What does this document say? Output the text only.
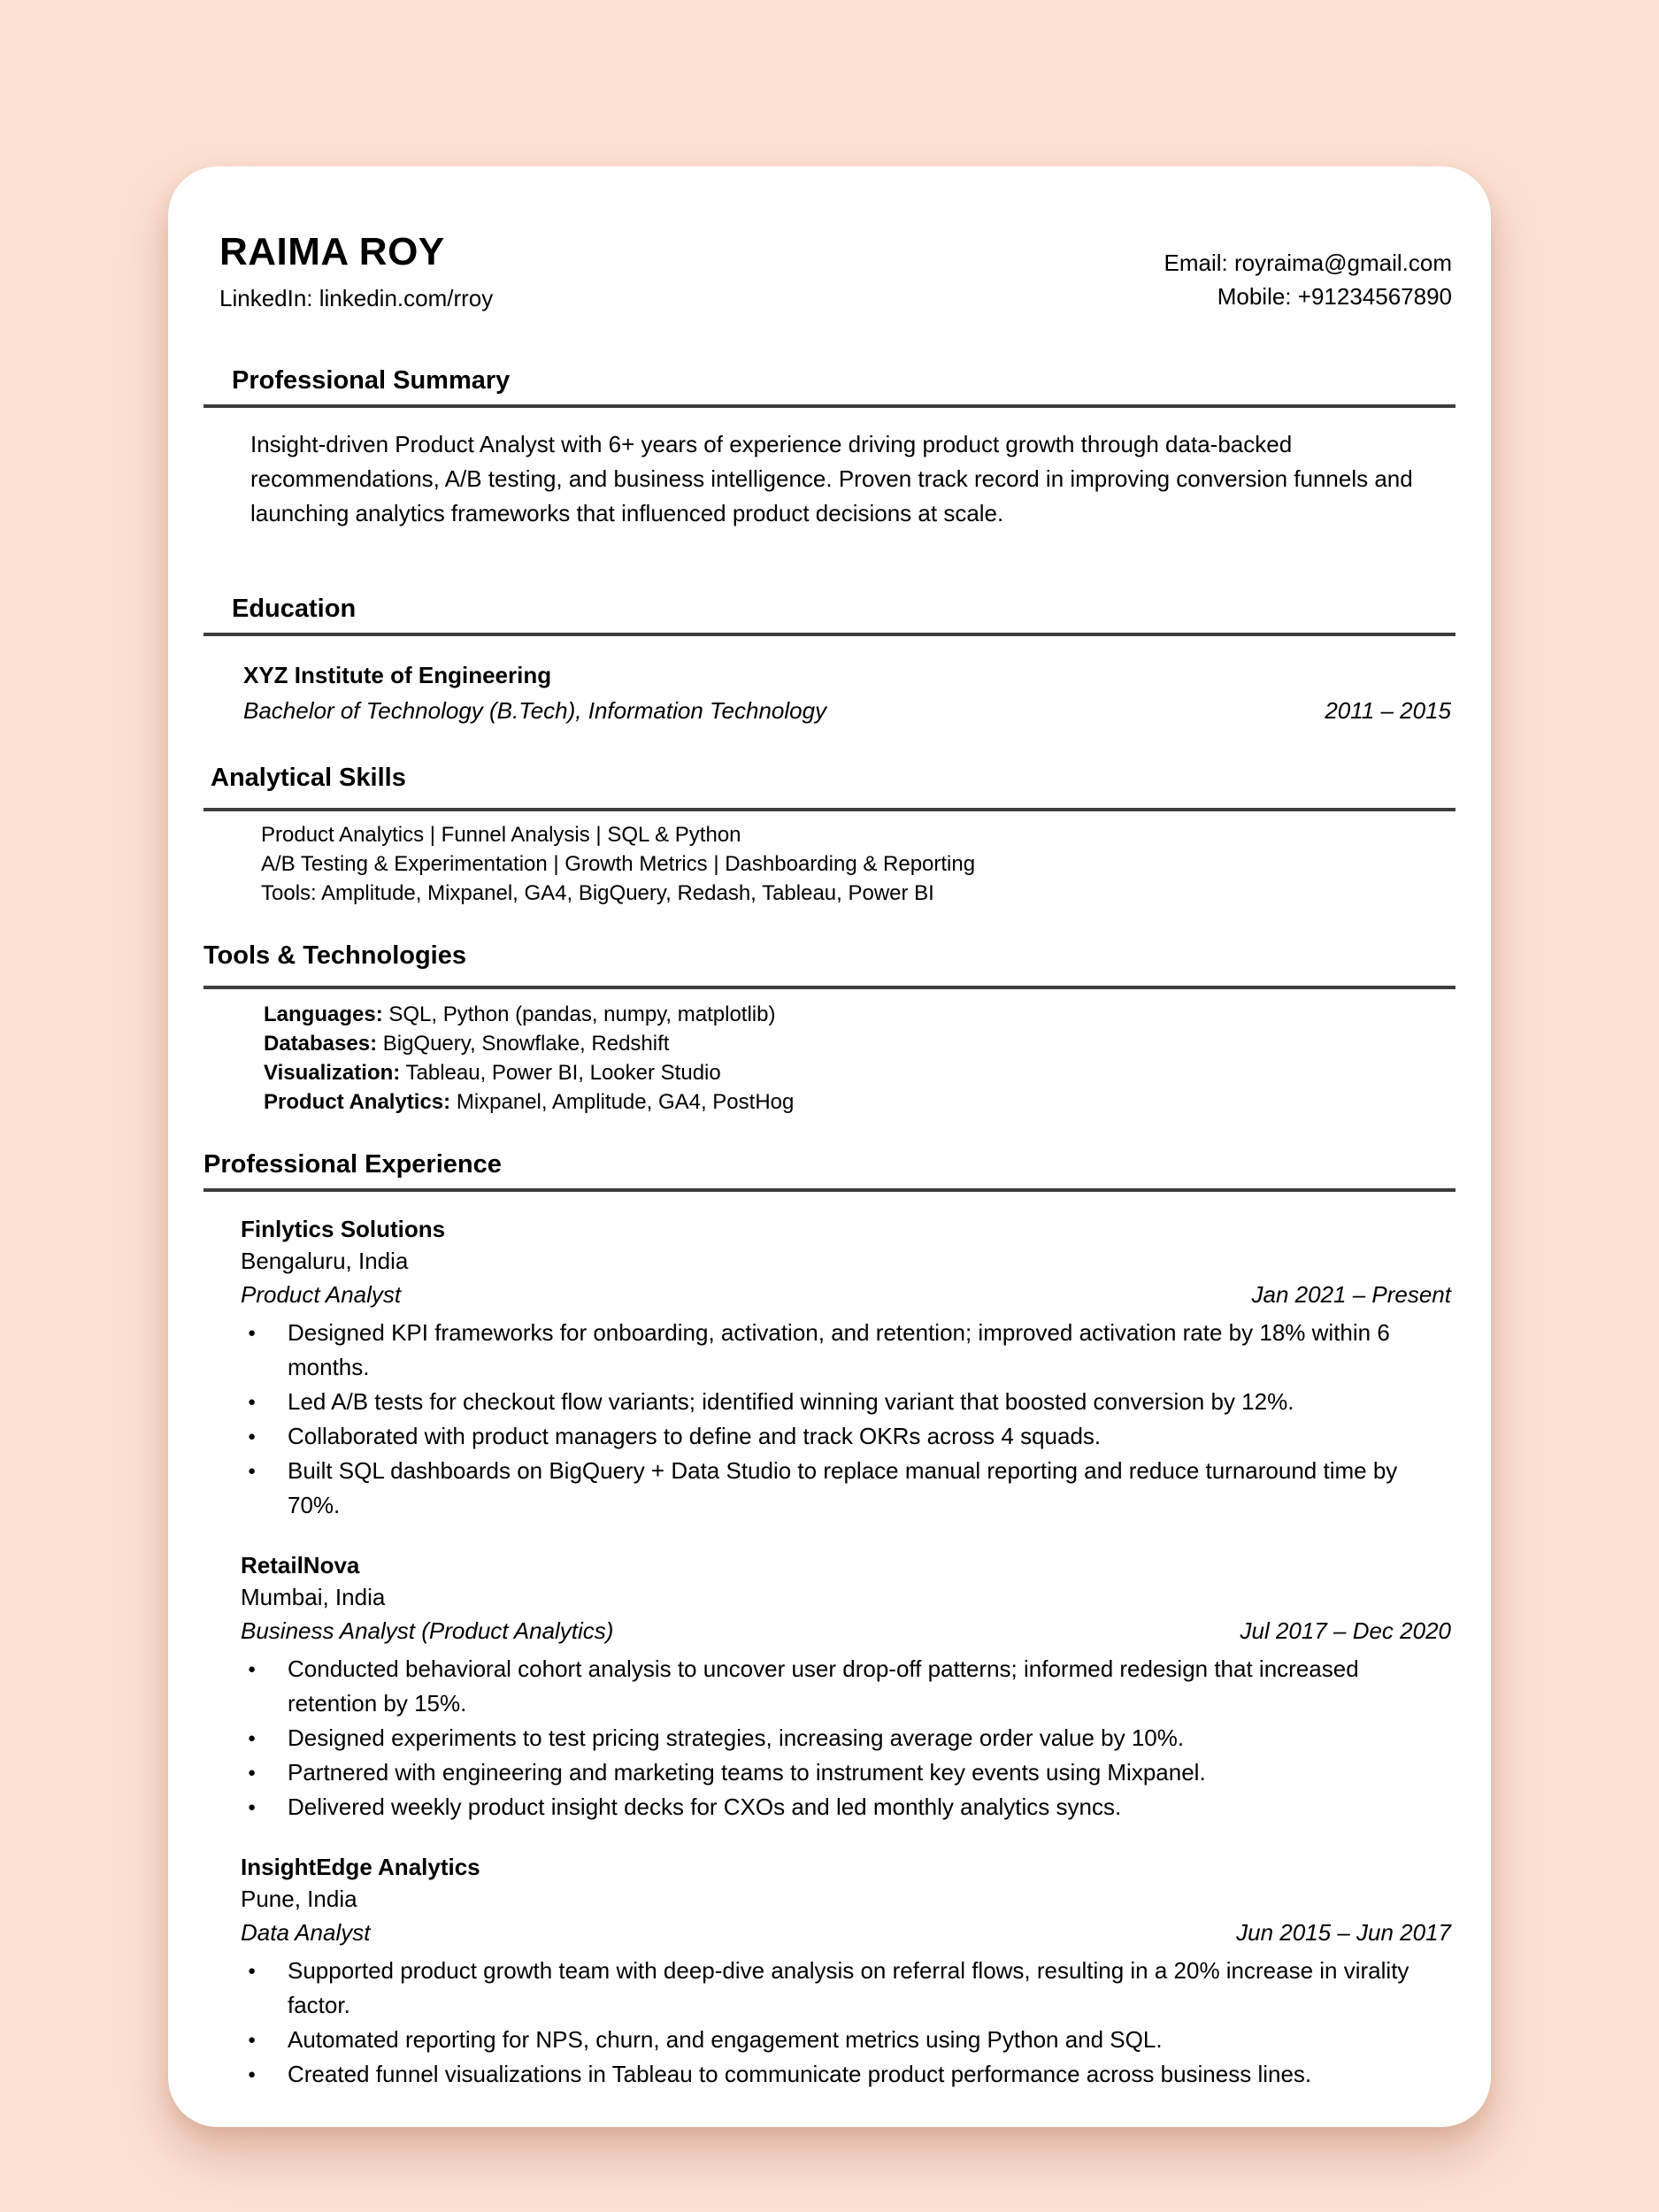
RAIMA ROY

LinkedIn: linkedin.com/rroy

Email: royraima@gmail.com

Mobile: +91234567890

Professional Summary

Insight-driven Product Analyst with 6+ years of experience driving product growth through data-backed recommendations, A/B testing, and business intelligence. Proven track record in improving conversion funnels and launching analytics frameworks that influenced product decisions at scale.

Education

XYZ Institute of Engineering

Bachelor of Technology (B.Tech), Information Technology	2011 – 2015
Analytical Skills
Product Analytics | Funnel Analysis | SQL & Python
A/B Testing & Experimentation | Growth Metrics | Dashboarding & Reporting
Tools: Amplitude, Mixpanel, GA4, BigQuery, Redash, Tableau, Power BI
Tools & Technologies
Languages: SQL, Python (pandas, numpy, matplotlib)
Databases: BigQuery, Snowflake, Redshift
Visualization: Tableau, Power BI, Looker Studio
Product Analytics: Mixpanel, Amplitude, GA4, PostHog
Professional Experience

Finlytics Solutions

Bengaluru, India

Product Analyst	Jan 2021 – Present
● Designed KPI frameworks for onboarding, activation, and retention; improved activation rate by 18% within 6 months.
● Led A/B tests for checkout flow variants; identified winning variant that boosted conversion by 12%.
● Collaborated with product managers to define and track OKRs across 4 squads.
● Built SQL dashboards on BigQuery + Data Studio to replace manual reporting and reduce turnaround time by 70%.

RetailNova

Mumbai, India

Business Analyst (Product Analytics)	Jul 2017 – Dec 2020
● Conducted behavioral cohort analysis to uncover user drop-off patterns; informed redesign that increased retention by 15%.
● Designed experiments to test pricing strategies, increasing average order value by 10%.
● Partnered with engineering and marketing teams to instrument key events using Mixpanel.
● Delivered weekly product insight decks for CXOs and led monthly analytics syncs.

InsightEdge Analytics

Pune, India

Data Analyst	Jun 2015 – Jun 2017
● Supported product growth team with deep-dive analysis on referral flows, resulting in a 20% increase in virality factor.
● Automated reporting for NPS, churn, and engagement metrics using Python and SQL.
● Created funnel visualizations in Tableau to communicate product performance across business lines.
